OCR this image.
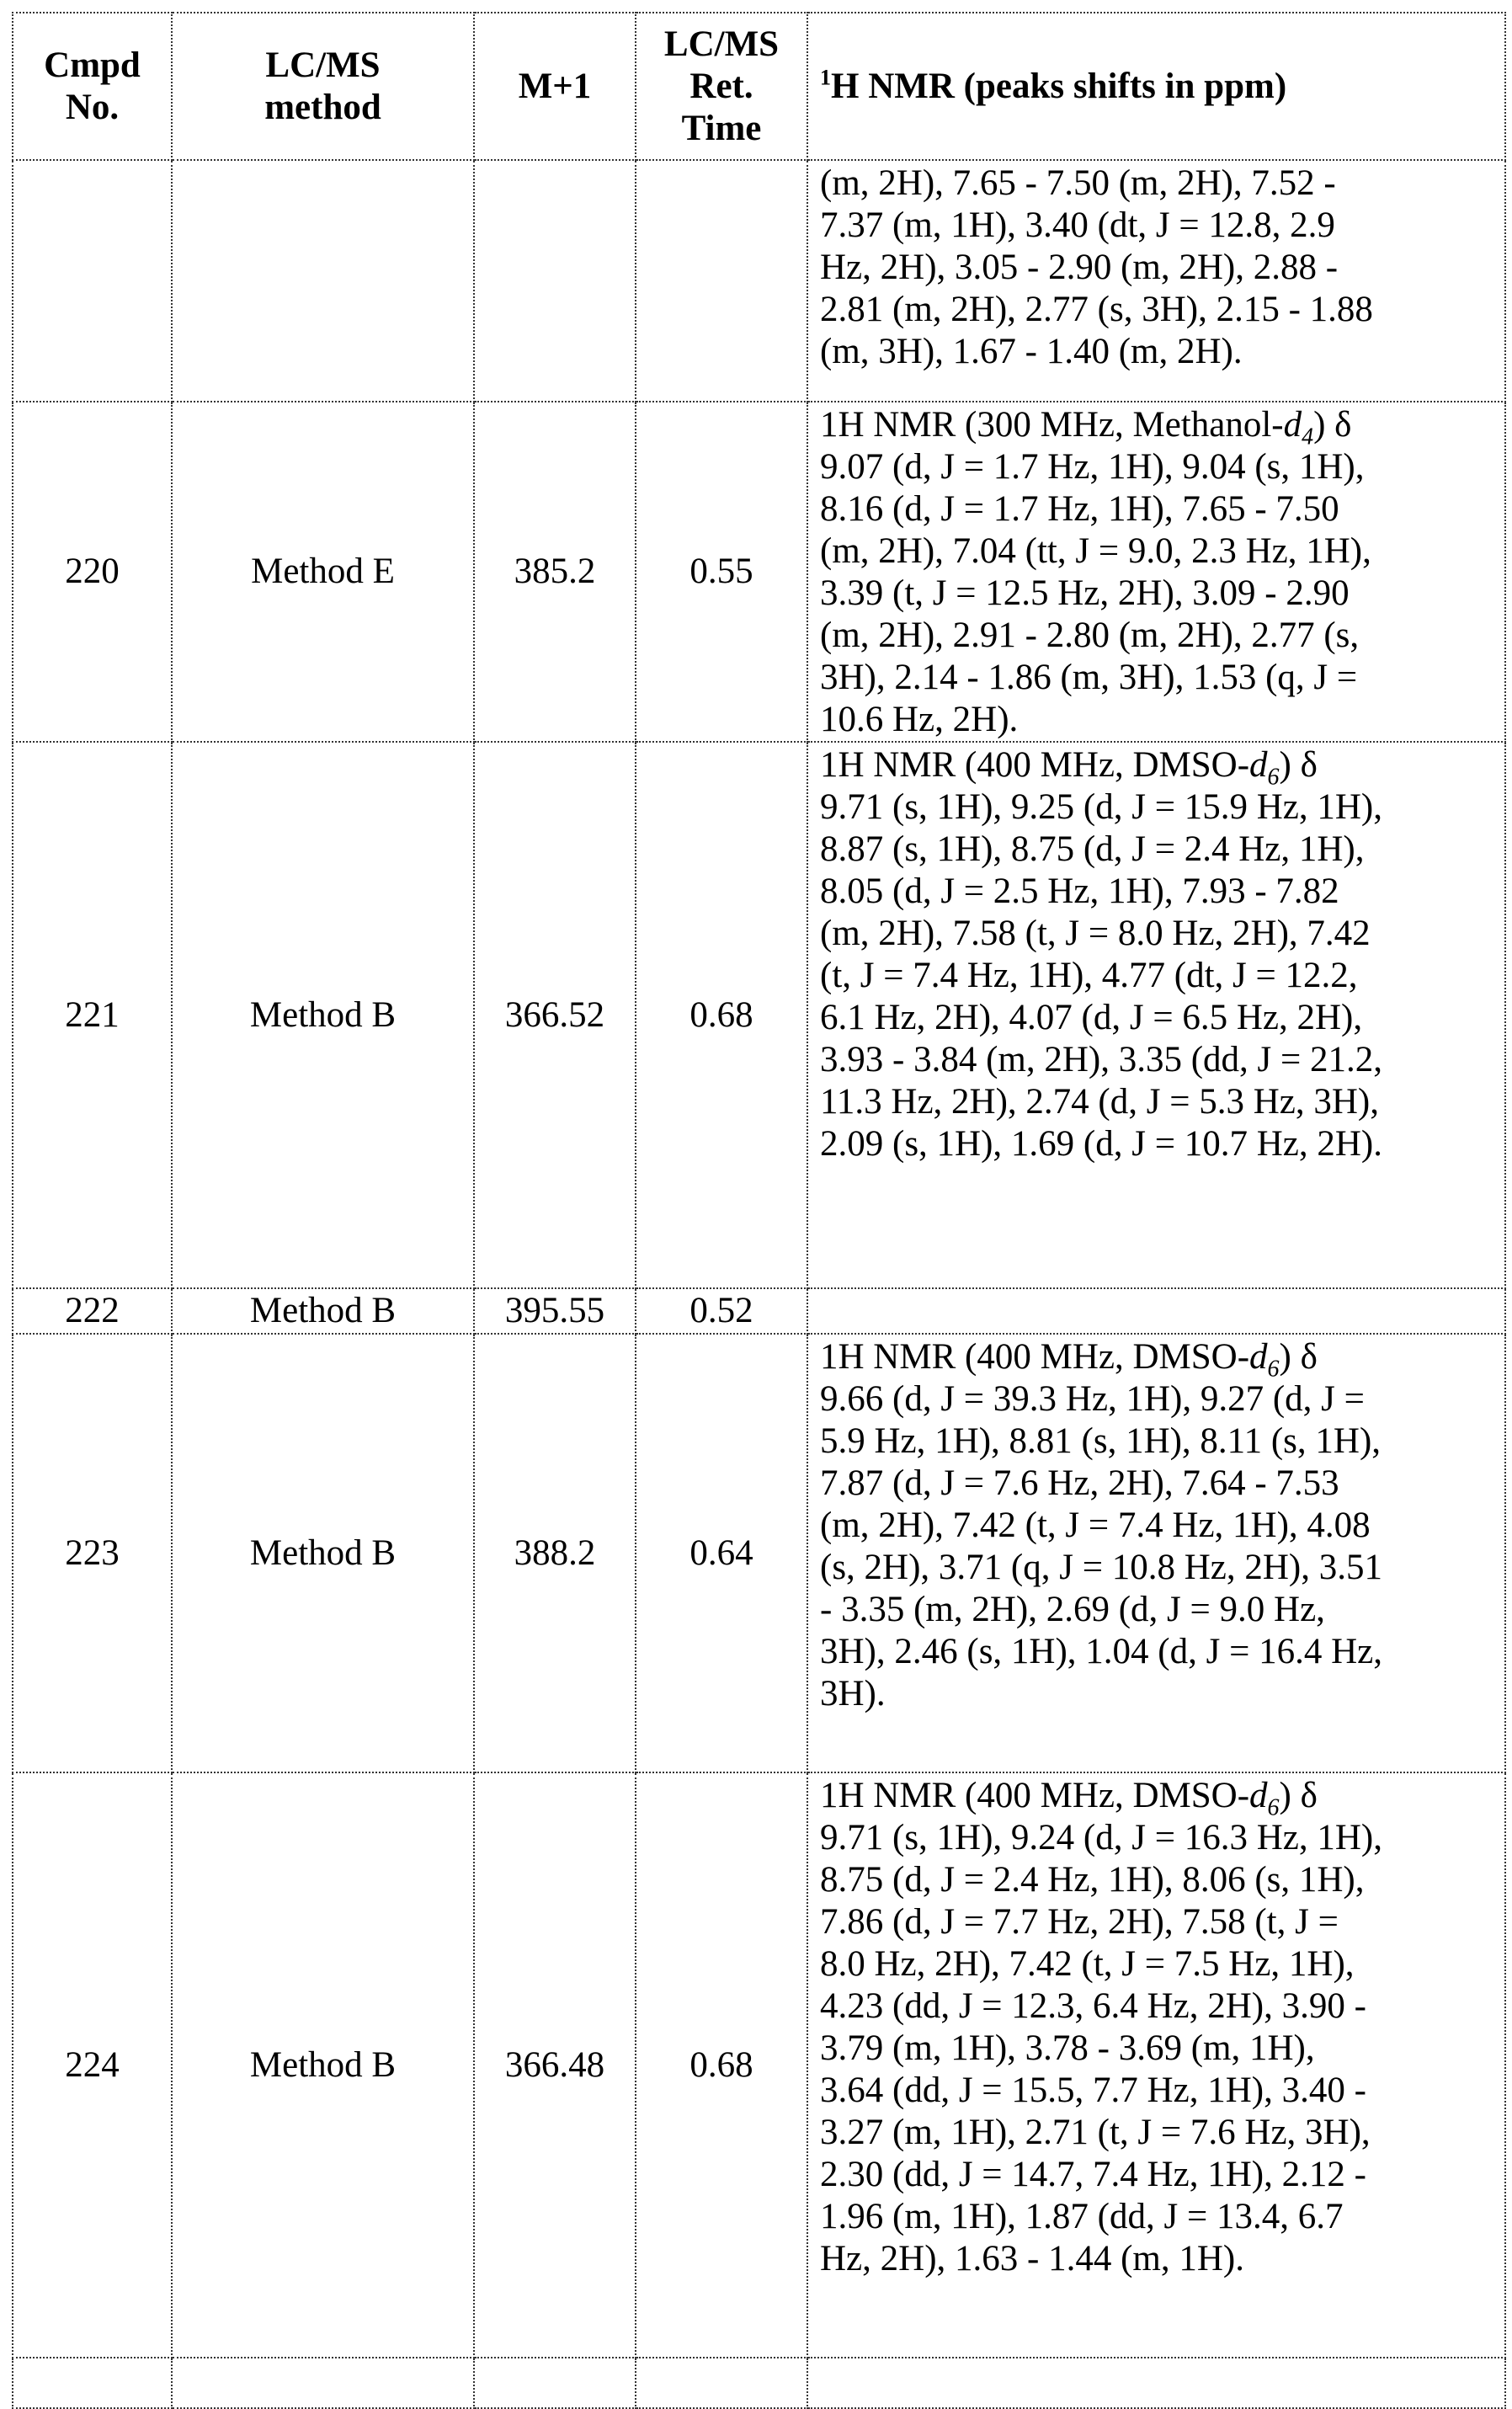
Cmpd No.	LC/MS method	M+1	LC/MS Ret. Time	1H NMR (peaks shifts in ppm)

(m, 2H), 7.65 - 7.50 (m, 2H), 7.52 -
7.37 (m, 1H), 3.40 (dt, J = 12.8, 2.9
Hz, 2H), 3.05 - 2.90 (m, 2H), 2.88 -
2.81 (m, 2H), 2.77 (s, 3H), 2.15 - 1.88
(m, 3H), 1.67 - 1.40 (m, 2H).

220	Method E	385.2	0.55	
1H NMR (300 MHz, Methanol-d4) δ
9.07 (d, J = 1.7 Hz, 1H), 9.04 (s, 1H),
8.16 (d, J = 1.7 Hz, 1H), 7.65 - 7.50
(m, 2H), 7.04 (tt, J = 9.0, 2.3 Hz, 1H),
3.39 (t, J = 12.5 Hz, 2H), 3.09 - 2.90
(m, 2H), 2.91 - 2.80 (m, 2H), 2.77 (s,
3H), 2.14 - 1.86 (m, 3H), 1.53 (q, J =
10.6 Hz, 2H).

221	Method B	366.52	0.68	
1H NMR (400 MHz, DMSO-d6) δ
9.71 (s, 1H), 9.25 (d, J = 15.9 Hz, 1H),
8.87 (s, 1H), 8.75 (d, J = 2.4 Hz, 1H),
8.05 (d, J = 2.5 Hz, 1H), 7.93 - 7.82
(m, 2H), 7.58 (t, J = 8.0 Hz, 2H), 7.42
(t, J = 7.4 Hz, 1H), 4.77 (dt, J = 12.2,
6.1 Hz, 2H), 4.07 (d, J = 6.5 Hz, 2H),
3.93 - 3.84 (m, 2H), 3.35 (dd, J = 21.2,
11.3 Hz, 2H), 2.74 (d, J = 5.3 Hz, 3H),
2.09 (s, 1H), 1.69 (d, J = 10.7 Hz, 2H).

222	Method B	395.55	0.52	
223	Method B	388.2	0.64	
1H NMR (400 MHz, DMSO-d6) δ
9.66 (d, J = 39.3 Hz, 1H), 9.27 (d, J =
5.9 Hz, 1H), 8.81 (s, 1H), 8.11 (s, 1H),
7.87 (d, J = 7.6 Hz, 2H), 7.64 - 7.53
(m, 2H), 7.42 (t, J = 7.4 Hz, 1H), 4.08
(s, 2H), 3.71 (q, J = 10.8 Hz, 2H), 3.51
- 3.35 (m, 2H), 2.69 (d, J = 9.0 Hz,
3H), 2.46 (s, 1H), 1.04 (d, J = 16.4 Hz,
3H).

224	Method B	366.48	0.68	
1H NMR (400 MHz, DMSO-d6) δ
9.71 (s, 1H), 9.24 (d, J = 16.3 Hz, 1H),
8.75 (d, J = 2.4 Hz, 1H), 8.06 (s, 1H),
7.86 (d, J = 7.7 Hz, 2H), 7.58 (t, J =
8.0 Hz, 2H), 7.42 (t, J = 7.5 Hz, 1H),
4.23 (dd, J = 12.3, 6.4 Hz, 2H), 3.90 -
3.79 (m, 1H), 3.78 - 3.69 (m, 1H),
3.64 (dd, J = 15.5, 7.7 Hz, 1H), 3.40 -
3.27 (m, 1H), 2.71 (t, J = 7.6 Hz, 3H),
2.30 (dd, J = 14.7, 7.4 Hz, 1H), 2.12 -
1.96 (m, 1H), 1.87 (dd, J = 13.4, 6.7
Hz, 2H), 1.63 - 1.44 (m, 1H).
